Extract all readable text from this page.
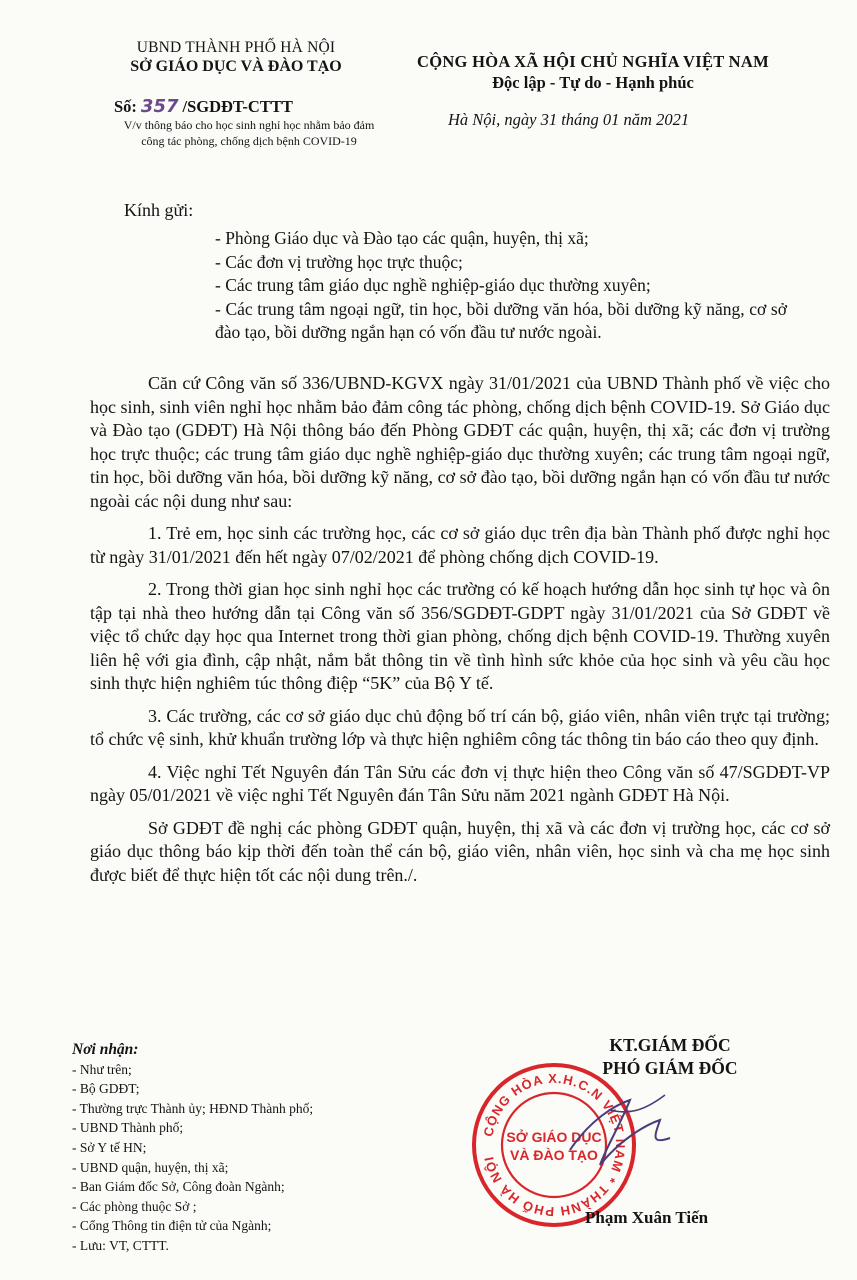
UBND THÀNH PHỐ HÀ NỘI
SỞ GIÁO DỤC VÀ ĐÀO TẠO
Số: 357 /SGDĐT-CTTT
V/v thông báo cho học sinh nghỉ học nhằm bảo đảm công tác phòng, chống dịch bệnh COVID-19
CỘNG HÒA XÃ HỘI CHỦ NGHĨA VIỆT NAM
Độc lập - Tự do - Hạnh phúc
Hà Nội, ngày 31 tháng 01 năm 2021
Kính gửi:
- Phòng Giáo dục và Đào tạo các quận, huyện, thị xã;
- Các đơn vị trường học trực thuộc;
- Các trung tâm giáo dục nghề nghiệp-giáo dục thường xuyên;
- Các trung tâm ngoại ngữ, tin học, bồi dưỡng văn hóa, bồi dưỡng kỹ năng, cơ sở đào tạo, bồi dưỡng ngắn hạn có vốn đầu tư nước ngoài.

Căn cứ Công văn số 336/UBND-KGVX ngày 31/01/2021 của UBND Thành phố về việc cho học sinh, sinh viên nghỉ học nhằm bảo đảm công tác phòng, chống dịch bệnh COVID-19. Sở Giáo dục và Đào tạo (GDĐT) Hà Nội thông báo đến Phòng GDĐT các quận, huyện, thị xã; các đơn vị trường học trực thuộc; các trung tâm giáo dục nghề nghiệp-giáo dục thường xuyên; các trung tâm ngoại ngữ, tin học, bồi dưỡng văn hóa, bồi dưỡng kỹ năng, cơ sở đào tạo, bồi dưỡng ngắn hạn có vốn đầu tư nước ngoài các nội dung như sau:

1. Trẻ em, học sinh các trường học, các cơ sở giáo dục trên địa bàn Thành phố được nghỉ học từ ngày 31/01/2021 đến hết ngày 07/02/2021 để phòng chống dịch COVID-19.

2. Trong thời gian học sinh nghỉ học các trường có kế hoạch hướng dẫn học sinh tự học và ôn tập tại nhà theo hướng dẫn tại Công văn số 356/SGDĐT-GDPT ngày 31/01/2021 của Sở GDĐT về việc tổ chức dạy học qua Internet trong thời gian phòng, chống dịch bệnh COVID-19. Thường xuyên liên hệ với gia đình, cập nhật, nắm bắt thông tin về tình hình sức khỏe của học sinh và yêu cầu học sinh thực hiện nghiêm túc thông điệp “5K” của Bộ Y tế.

3. Các trường, các cơ sở giáo dục chủ động bố trí cán bộ, giáo viên, nhân viên trực tại trường; tổ chức vệ sinh, khử khuẩn trường lớp và thực hiện nghiêm công tác thông tin báo cáo theo quy định.

4. Việc nghỉ Tết Nguyên đán Tân Sửu các đơn vị thực hiện theo Công văn số 47/SGDĐT-VP ngày 05/01/2021 về việc nghỉ Tết Nguyên đán Tân Sửu năm 2021 ngành GDĐT Hà Nội.

Sở GDĐT đề nghị các phòng GDĐT quận, huyện, thị xã và các đơn vị trường học, các cơ sở giáo dục thông báo kịp thời đến toàn thể cán bộ, giáo viên, nhân viên, học sinh và cha mẹ học sinh được biết để thực hiện tốt các nội dung trên./.

Nơi nhận:
- Như trên;
- Bộ GDĐT;
- Thường trực Thành ủy; HĐND Thành phố;
- UBND Thành phố;
- Sở Y tế HN;
- UBND quận, huyện, thị xã;
- Ban Giám đốc Sở, Công đoàn Ngành;
- Các phòng thuộc Sở ;
- Cổng Thông tin điện tử của Ngành;
- Lưu: VT, CTTT.
KT.GIÁM ĐỐC
PHÓ GIÁM ĐỐC
CỘNG HÒA X.H.C.N VIỆT NAM * THÀNH PHỐ HÀ NỘI
SỞ GIÁO DỤC
VÀ ĐÀO TẠO
Phạm Xuân Tiến
